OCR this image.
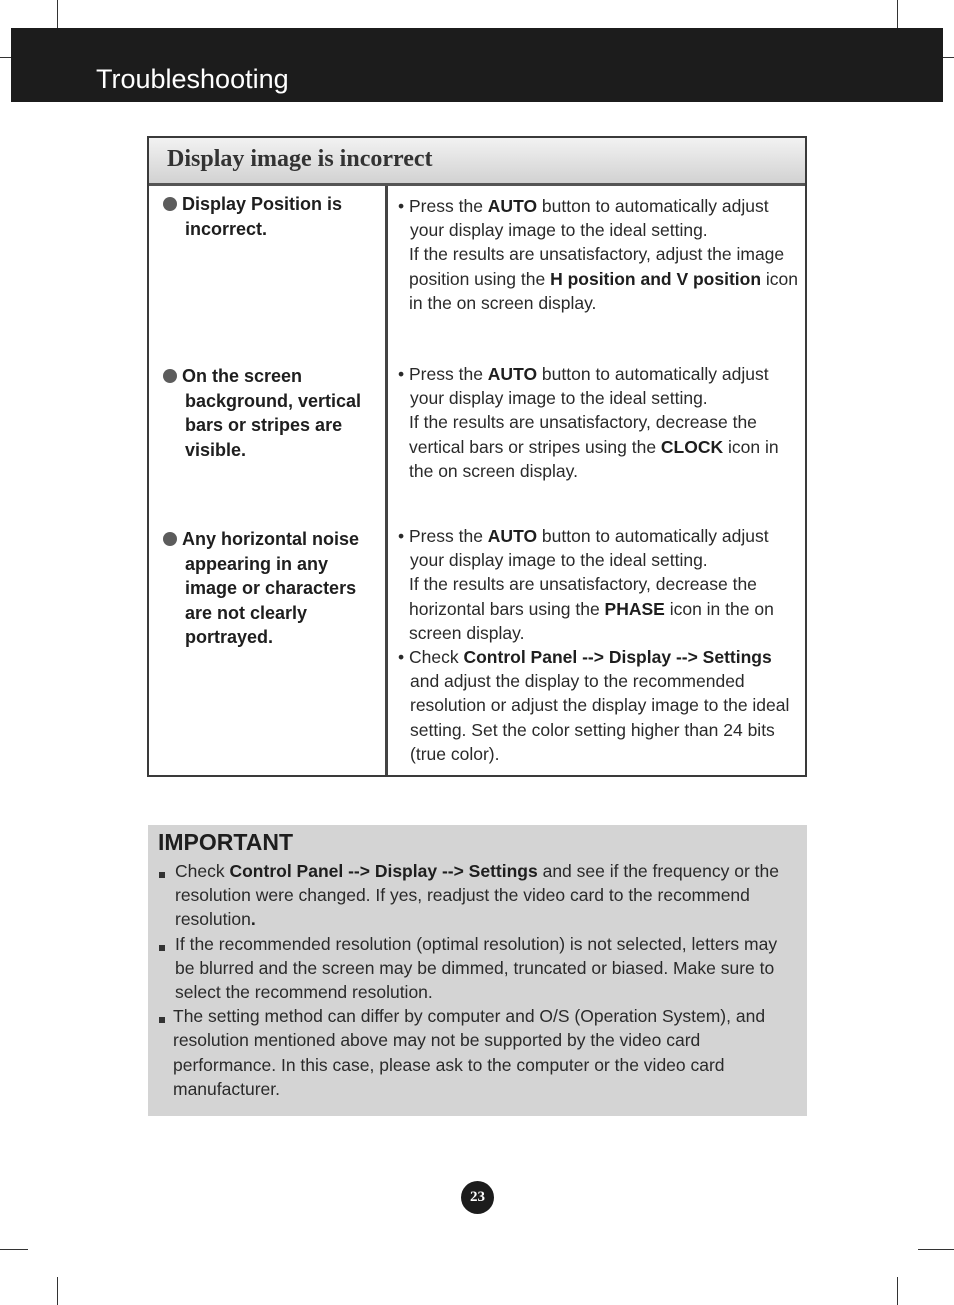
Troubleshooting
Display image is incorrect
Display Position is incorrect.
• Press the AUTO button to automatically adjust your display image to the ideal setting.
If the results are unsatisfactory, adjust the image position using the H position and V position icon in the on screen display.
On the screen background, vertical bars or stripes are visible.
• Press the AUTO button to automatically adjust your display image to the ideal setting.
If the results are unsatisfactory, decrease the vertical bars or stripes using the CLOCK icon in the on screen display.
Any horizontal noise appearing in any image or characters are not clearly portrayed.
• Press the AUTO button to automatically adjust your display image to the ideal setting.
If the results are unsatisfactory, decrease the horizontal bars using the PHASE icon in the on screen display.
• Check Control Panel --> Display --> Settings and adjust the display to the recommended resolution or adjust the display image to the ideal setting. Set the color setting higher than 24 bits (true color).
IMPORTANT
Check Control Panel --> Display --> Settings and see if the frequency or the resolution were changed. If yes, readjust the video card to the recommend resolution.
If the recommended resolution (optimal resolution) is not selected, letters may be blurred and the screen may be dimmed, truncated or biased. Make sure to select the recommend resolution.
The setting method can differ by computer and O/S (Operation System), and resolution mentioned above may not be supported by the video card performance. In this case, please ask to the computer or the video card manufacturer.
23
